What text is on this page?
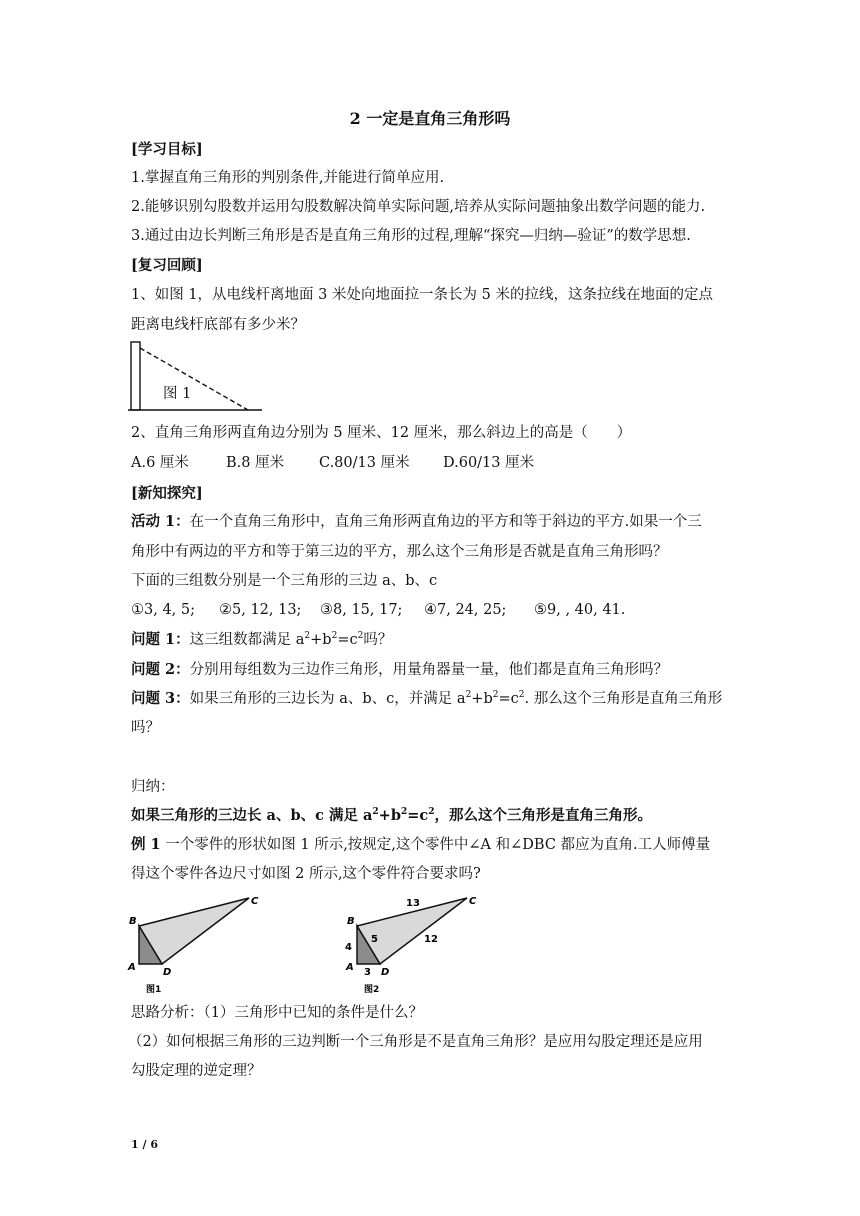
2 一定是直角三角形吗
[学习目标]
1.掌握直角三角形的判别条件,并能进行简单应用.
2.能够识别勾股数并运用勾股数解决简单实际问题,培养从实际问题抽象出数学问题的能力.
3.通过由边长判断三角形是否是直角三角形的过程,理解“探究—归纳—验证”的数学思想.
[复习回顾]
1、如图 1，从电线杆离地面 3 米处向地面拉一条长为 5 米的拉线，这条拉线在地面的定点
距离电线杆底部有多少米？
图 1
2、直角三角形两直角边分别为 5 厘米、12 厘米，那么斜边上的高是（　　）
A.6 厘米	B.8 厘米 C.80/13 厘米 D.60/13 厘米
[新知探究]
活动 1：在一个直角三角形中，直角三角形两直角边的平方和等于斜边的平方.如果一个三
角形中有两边的平方和等于第三边的平方，那么这个三角形是否就是直角三角形吗？
下面的三组数分别是一个三角形的三边 a、b、c
①3, 4, 5; ②5, 12, 13; ③8, 15, 17; ④7, 24, 25; ⑤9, , 40, 41.
问题 1：这三组数都满足 $a^2+b^2=c^2$吗？
问题 2：分别用每组数为三边作三角形，用量角器量一量，他们都是直角三角形吗？
问题 3：如果三角形的三边长为 a、b、c，并满足 $a^2+b^2=c^2$. 那么这个三角形是直角三角形
吗？
归纳：
如果三角形的三边长 a、b、c 满足 $a^2+b^2=c^2$，那么这个三角形是直角三角形。
例 1 一个零件的形状如图 1 所示,按规定,这个零件中∠A 和∠DBC 都应为直角.工人师傅量
得这个零件各边尺寸如图 2 所示,这个零件符合要求吗?
B
C
A	D
图1
B
C
A	D
13
12
5
4
3
图2
思路分析：（1）三角形中已知的条件是什么？
（2）如何根据三角形的三边判断一个三角形是不是直角三角形？是应用勾股定理还是应用
勾股定理的逆定理？
1 / 6
